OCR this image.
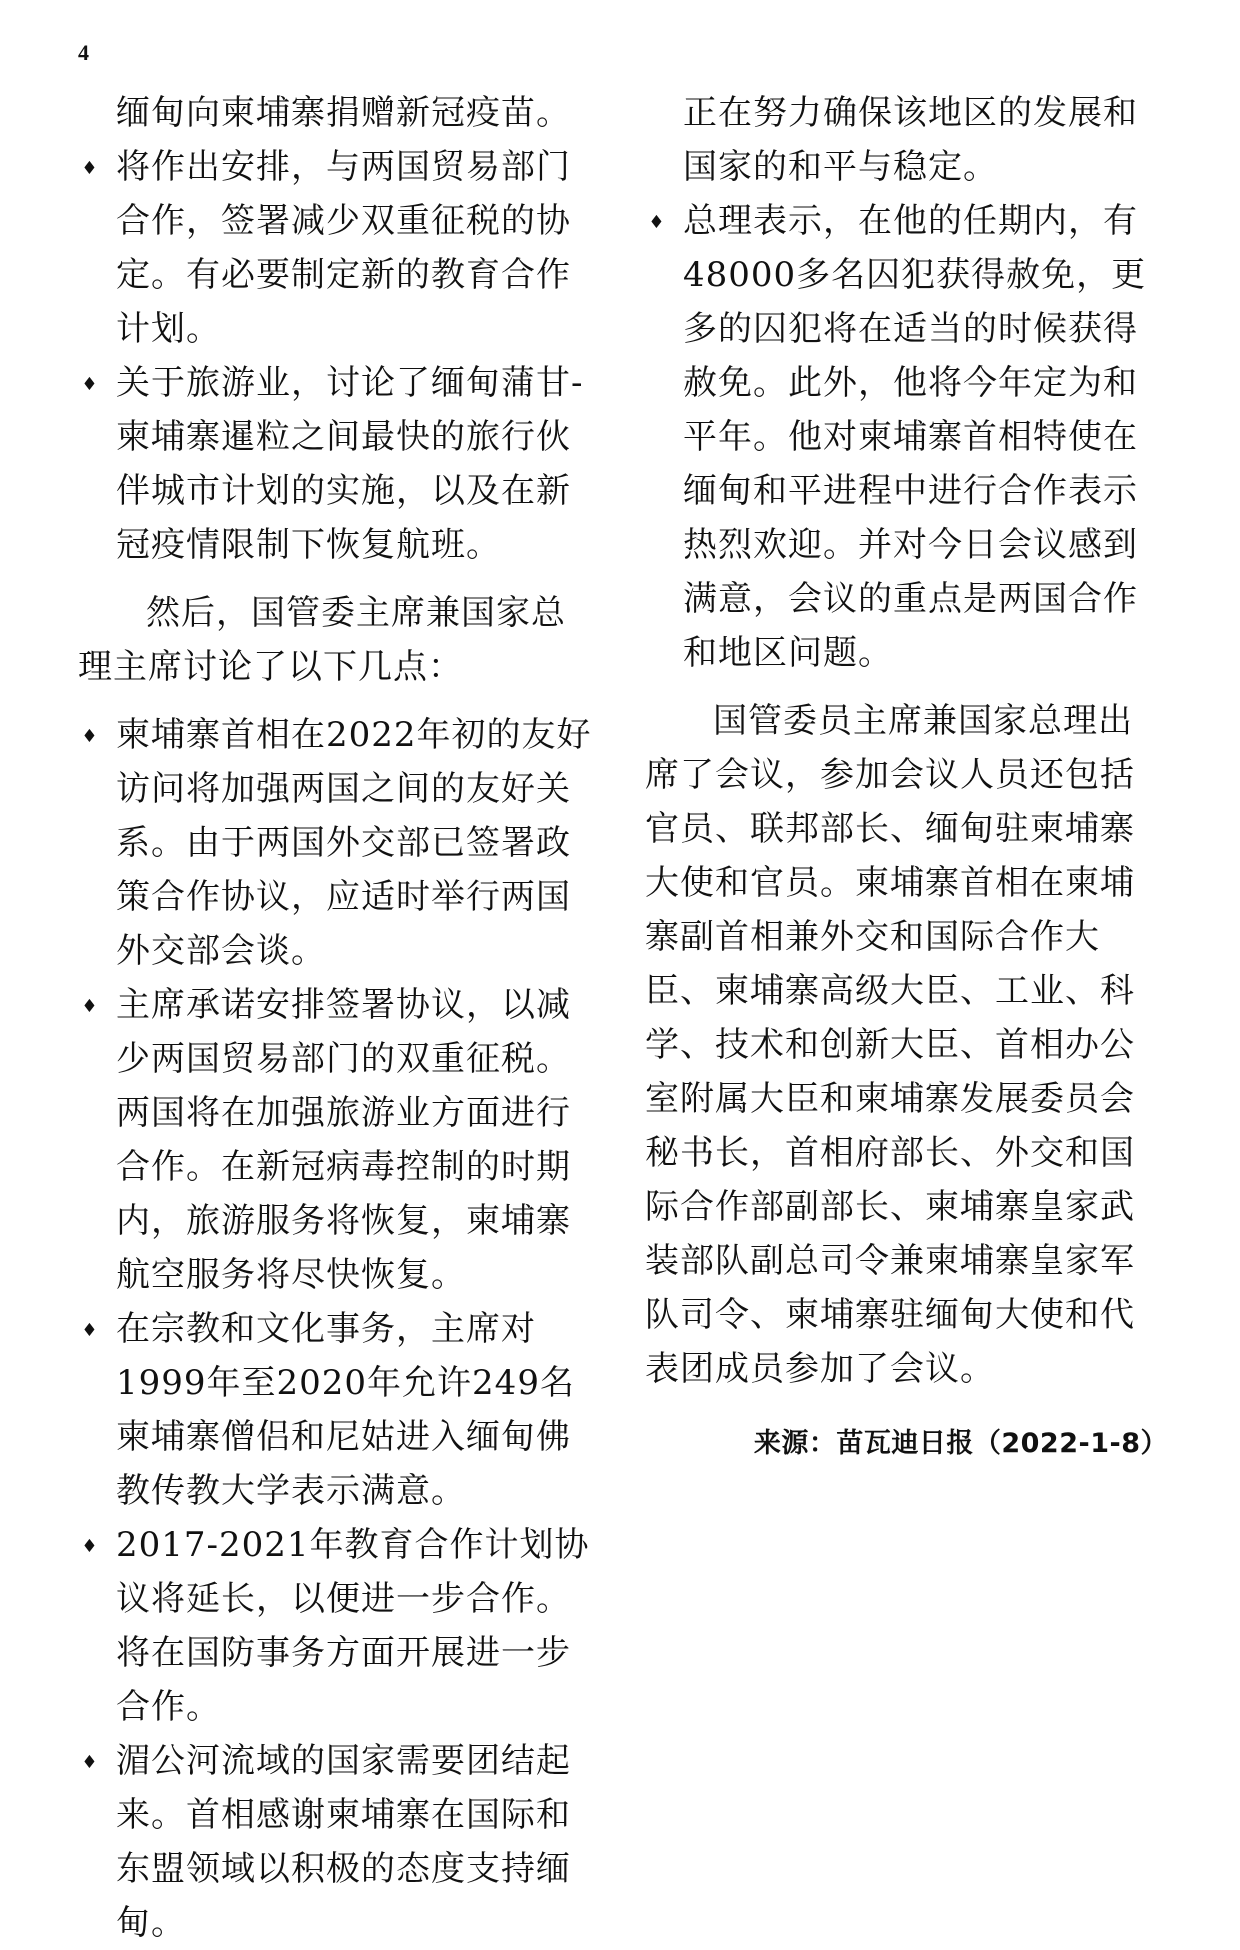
4

缅甸向柬埔寨捐赠新冠疫苗。

♦ 将作出安排，与两国贸易部门合作，签署减少双重征税的协定。有必要制定新的教育合作计划。
♦ 关于旅游业，讨论了缅甸蒲甘-柬埔寨暹粒之间最快的旅行伙伴城市计划的实施，以及在新冠疫情限制下恢复航班。

然后，国管委主席兼国家总理主席讨论了以下几点：

♦ 柬埔寨首相在2022年初的友好访问将加强两国之间的友好关系。由于两国外交部已签署政策合作协议，应适时举行两国外交部会谈。
♦ 主席承诺安排签署协议，以减少两国贸易部门的双重征税。两国将在加强旅游业方面进行合作。在新冠病毒控制的时期内，旅游服务将恢复，柬埔寨航空服务将尽快恢复。
♦ 在宗教和文化事务，主席对1999年至2020年允许249名柬埔寨僧侣和尼姑进入缅甸佛教传教大学表示满意。
♦ 2017-2021年教育合作计划协议将延长，以便进一步合作。将在国防事务方面开展进一步合作。
♦ 湄公河流域的国家需要团结起来。首相感谢柬埔寨在国际和东盟领域以积极的态度支持缅甸。

正在努力确保该地区的发展和国家的和平与稳定。

♦ 总理表示，在他的任期内，有48000多名囚犯获得赦免，更多的囚犯将在适当的时候获得赦免。此外，他将今年定为和平年。他对柬埔寨首相特使在缅甸和平进程中进行合作表示热烈欢迎。并对今日会议感到满意，会议的重点是两国合作和地区问题。

国管委员主席兼国家总理出席了会议，参加会议人员还包括官员、联邦部长、缅甸驻柬埔寨大使和官员。柬埔寨首相在柬埔寨副首相兼外交和国际合作大臣、柬埔寨高级大臣、工业、科学、技术和创新大臣、首相办公室附属大臣和柬埔寨发展委员会秘书长，首相府部长、外交和国际合作部副部长、柬埔寨皇家武装部队副总司令兼柬埔寨皇家军队司令、柬埔寨驻缅甸大使和代表团成员参加了会议。

来源：苗瓦迪日报（2022-1-8）
